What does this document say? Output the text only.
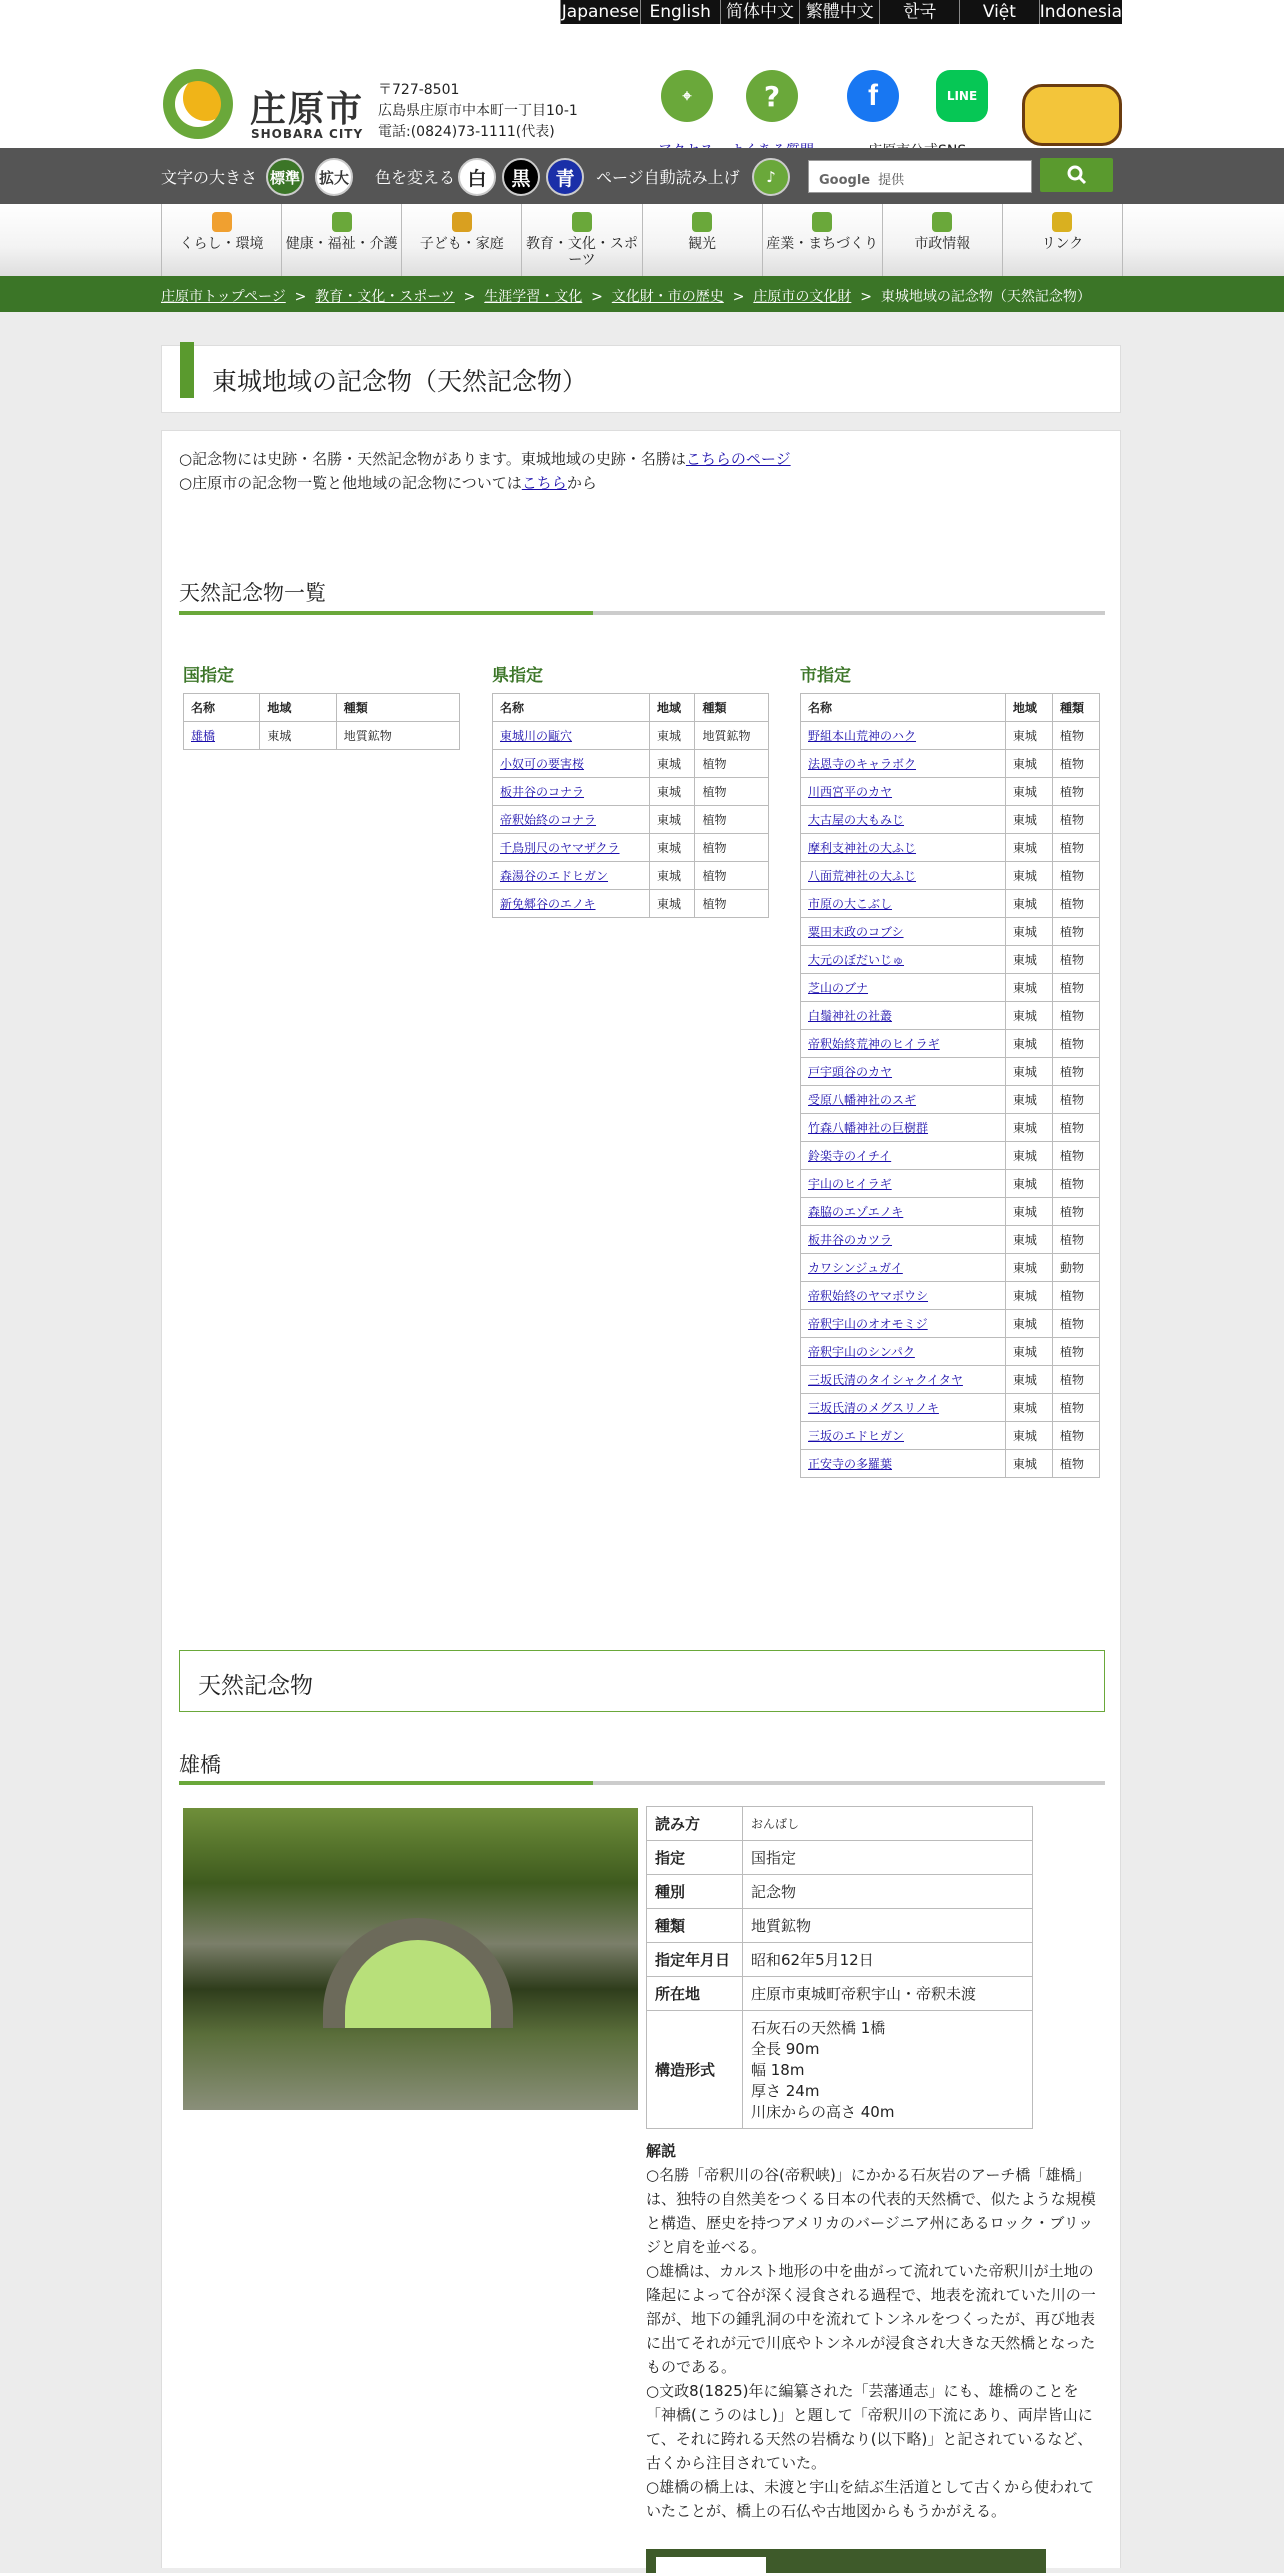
Japanese English 简体中文 繁體中文	한국	Việt	Indonesia
庄原市
SHOBARA CITY
〒727-8501
広島県庄原市中本町一丁目10-1
電話:(0824)73-1111(代表)
⌖	?	f	LINE
文字の大きさ 標準 拡大 色を変える 白	黒	青	ページ自動読み上げ	♪	Google 提供
くらし・環境	健康・福祉・介護	子ども・家庭	教育・文化・スポーツ
観光	産業・まちづくり	市政情報	リンク
庄原市トップページ  >  教育・文化・スポーツ  >  生涯学習・文化  >  文化財・市の歴史  >  庄原市の文化財  >  東城地域の記念物（天然記念物）
東城地域の記念物（天然記念物）
○記念物には史跡・名勝・天然記念物があります。東城地域の史跡・名勝はこちらのページ
○庄原市の記念物一覧と他地域の記念物についてはこちらから
天然記念物一覧
国指定
名称	地域	種類
雄橋	東城	地質鉱物
県指定
名称	地域	種類
東城川の甌穴	東城	地質鉱物
小奴可の要害桜	東城	植物
板井谷のコナラ	東城	植物
帝釈始終のコナラ	東城	植物
千鳥別尺のヤマザクラ	東城	植物
森湯谷のエドヒガン	東城	植物
新免郷谷のエノキ	東城	植物
市指定
名称	地域	種類
野組本山荒神のハク	東城	植物
法恩寺のキャラボク	東城	植物
川西宮平のカヤ	東城	植物
大古屋の大もみじ	東城	植物
摩利支神社の大ふじ	東城	植物
八面荒神社の大ふじ	東城	植物
市原の大こぶし	東城	植物
粟田末政のコブシ	東城	植物
大元のぼだいじゅ	東城	植物
芝山のブナ	東城	植物
白鬚神社の社叢	東城	植物
帝釈始終荒神のヒイラギ	東城	植物
戸宇頭谷のカヤ	東城	植物
受原八幡神社のスギ	東城	植物
竹森八幡神社の巨樹群	東城	植物
鈴楽寺のイチイ	東城	植物
宇山のヒイラギ	東城	植物
森脇のエゾエノキ	東城	植物
板井谷のカツラ	東城	植物
カワシンジュガイ	東城	動物
帝釈始終のヤマボウシ	東城	植物
帝釈宇山のオオモミジ	東城	植物
帝釈宇山のシンパク	東城	植物
三坂氏清のタイシャクイタヤ	東城	植物
三坂氏清のメグスリノキ	東城	植物
三坂のエドヒガン	東城	植物
正安寺の多羅葉	東城	植物
天然記念物
雄橋
読み方	おんばし
指定	国指定
種別	記念物
種類	地質鉱物
指定年月日	昭和62年5月12日
所在地	庄原市東城町帝釈宇山・帝釈未渡
構造形式	石灰石の天然橋 1橋
全長 90m
幅 18m
厚さ 24m
川床からの高さ 40m
解説
○名勝「帝釈川の谷(帝釈峡)」にかかる石灰岩のアーチ橋「雄橋」は、独特の自然美をつくる日本の代表的天然橋で、似たような規模と構造、歴史を持つアメリカのバージニア州にあるロック・ブリッジと肩を並べる。
○雄橋は、カルスト地形の中を曲がって流れていた帝釈川が土地の隆起によって谷が深く浸食される過程で、地表を流れていた川の一部が、地下の鍾乳洞の中を流れてトンネルをつくったが、再び地表に出てそれが元で川底やトンネルが浸食され大きな天然橋となったものである。
○文政8(1825)年に編纂された「芸藩通志」にも、雄橋のことを「神橋(こうのはし)」と題して「帝釈川の下流にあり、両岸皆山にて、それに跨れる天然の岩橋なり(以下略)」と記されているなど、古くから注目されていた。
○雄橋の橋上は、未渡と宇山を結ぶ生活道として古くから使われていたことが、橋上の石仏や古地図からもうかがえる。
